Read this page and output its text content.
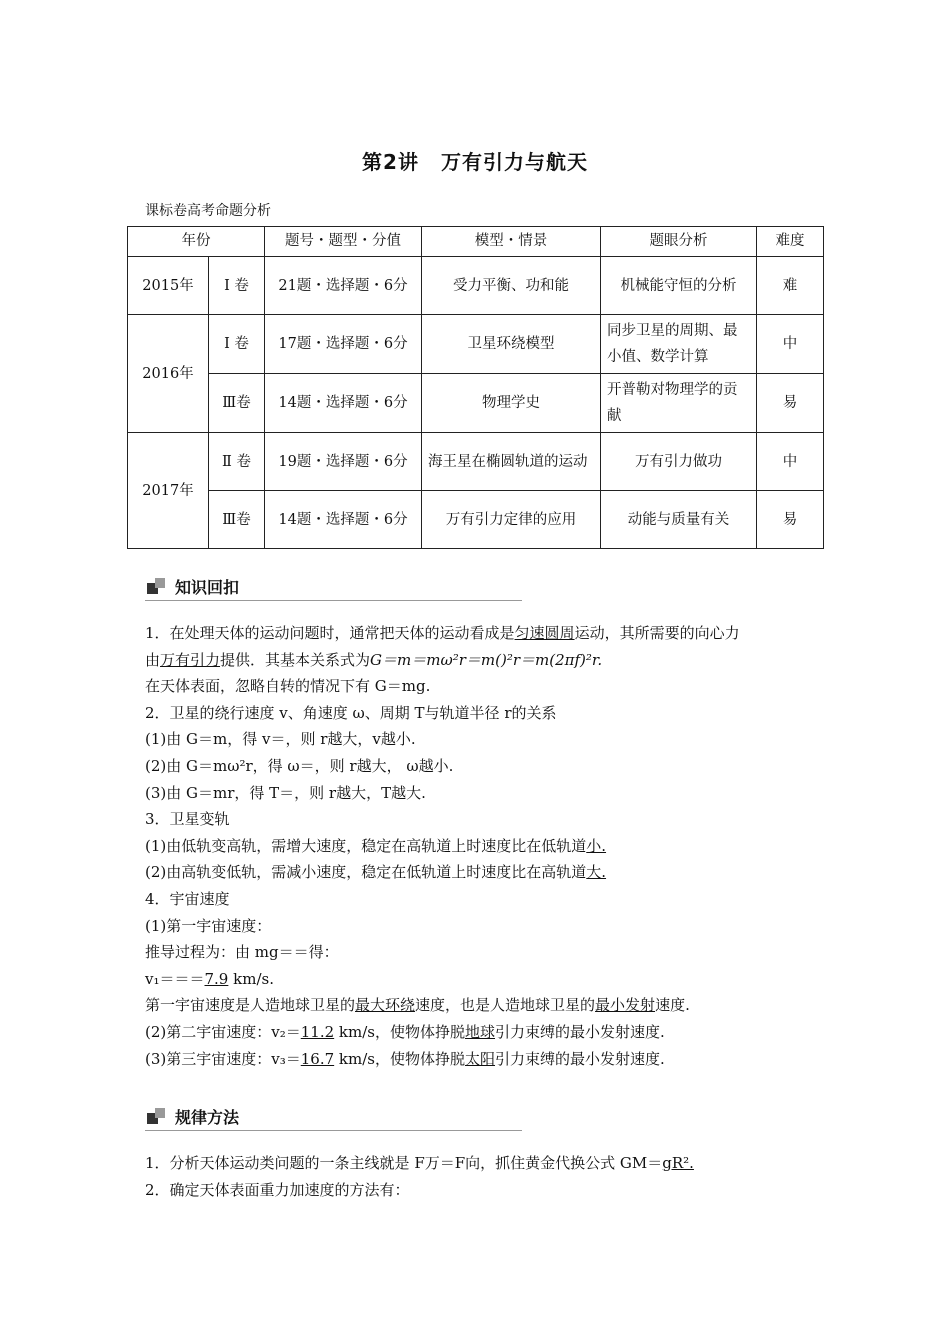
第2讲 万有引力与航天
课标卷高考命题分析
年份		题号・题型・分值	模型・情景	题眼分析	难度
2015年	Ⅰ 卷	21题・选择题・6分	受力平衡、功和能	机械能守恒的分析	难
2016年	Ⅰ 卷	17题・选择题・6分	卫星环绕模型	同步卫星的周期、最小值、数学计算	中
	Ⅲ卷	14题・选择题・6分	物理学史	开普勒对物理学的贡献	易
2017年	Ⅱ 卷	19题・选择题・6分	海王星在椭圆轨道的运动	万有引力做功	中
	Ⅲ卷	14题・选择题・6分	万有引力定律的应用	动能与质量有关	易
知识回扣

1．在处理天体的运动问题时，通常把天体的运动看成是匀速圆周运动，其所需要的向心力

由万有引力提供．其基本关系式为G＝m＝mω²r＝m()²r＝m(2πf)²r.

在天体表面，忽略自转的情况下有 G＝mg.

2．卫星的绕行速度 v、角速度 ω、周期 T与轨道半径 r的关系

(1)由 G＝m，得 v＝，则 r越大，v越小.

(2)由 G＝mω²r，得 ω＝，则 r越大， ω越小.

(3)由 G＝mr，得 T＝，则 r越大，T越大.

3．卫星变轨

(1)由低轨变高轨，需增大速度，稳定在高轨道上时速度比在低轨道小.

(2)由高轨变低轨，需减小速度，稳定在低轨道上时速度比在高轨道大.

4．宇宙速度

(1)第一宇宙速度：

推导过程为：由 mg＝＝得：

v₁＝＝＝7.9 km/s.

第一宇宙速度是人造地球卫星的最大环绕速度，也是人造地球卫星的最小发射速度.

(2)第二宇宙速度：v₂＝11.2 km/s，使物体挣脱地球引力束缚的最小发射速度.

(3)第三宇宙速度：v₃＝16.7 km/s，使物体挣脱太阳引力束缚的最小发射速度.

规律方法

1．分析天体运动类问题的一条主线就是 F万＝F向，抓住黄金代换公式 GM＝gR².

2．确定天体表面重力加速度的方法有：
